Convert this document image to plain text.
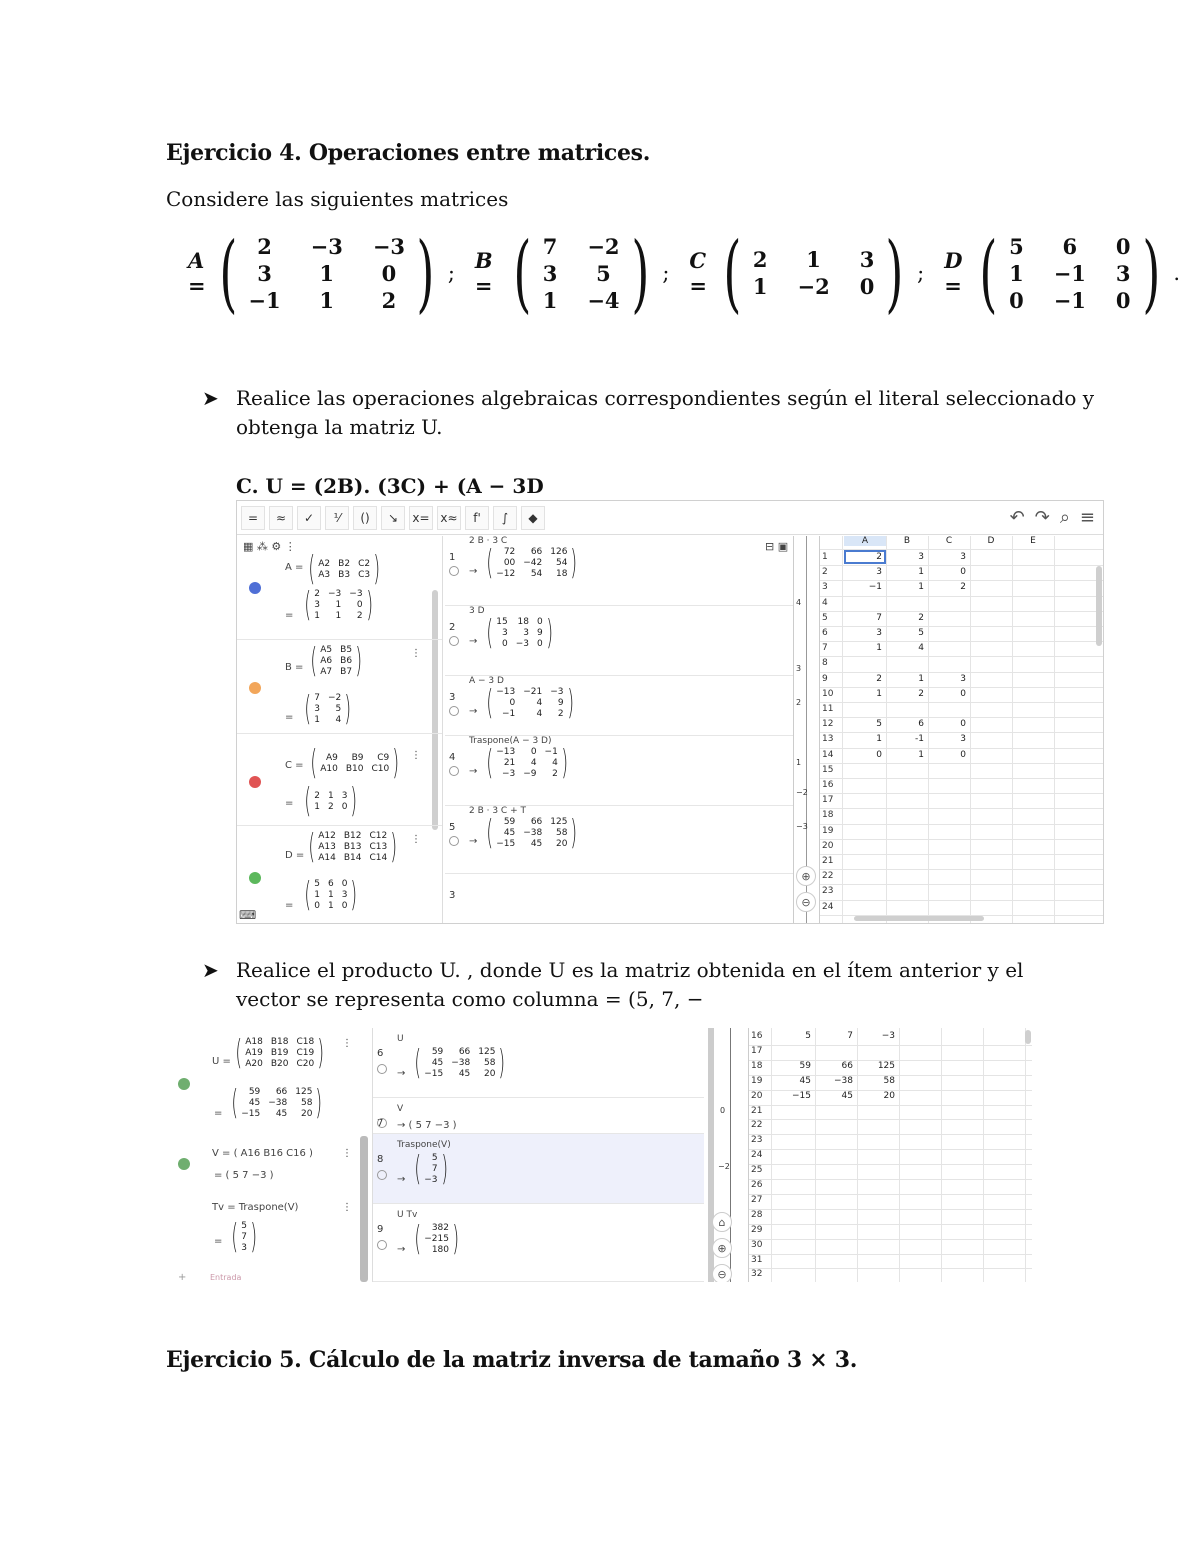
Ejercicio 4. Operaciones entre matrices.
Considere las siguientes matrices
A = ( 2	−3 −3
3	1	0
−1	1	2 ) ; B = ( 7 −2
3	5
1 −4 ) ; C = ( 2	1	3
1 −2 0 ) ; D = ( 5	6	0
1 −1 3
0 −1 0 ) .
➤ Realice las operaciones algebraicas correspondientes según el literal seleccionado y
obtenga la matriz U.
C. U = (2B). (3C) + (A − 3D
=	≈	✓	⅟	()	↘	x= x≈	f'	∫	◆	↶ ↷ ⌕ ≡
▦ ⁂ ⚙ ⋮
A = ( A2 B2 C2
A3 B3 C3 )
= ( 2 −3 −3
3	1	0
1	1	2 )
B = ( A5 B5
A6 B6
A7 B7 )
= ( 7 −2
3	5
1	4 )
⋮
C = (	A9	B9	C9
A10 B10 C10 )
= ( 2 1 3
1 2 0 )
⋮
D = ( A12 B12 C12
A13 B13 C13
A14 B14 C14 )
= ( 5 6 0
1 1 3
0 1 0 )
⋮
⌨
⊟ ▣
1
2 B · 3 C
→ (	72	66 126
00 −42	54
−12	54	18 )
2
3 D
→ ( 15 18 0
3	3 9
0 −3 0 )
3
A − 3 D
→ ( −13 −21 −3
0	4	9
−1	4	2 )
4
Traspone(A − 3 D)
→ ( −13	0 −1
21	4	4
−3 −9	2 )
5
2 B · 3 C + T
→ (	59	66 125
45 −38	58
−15	45	20 )
3
4
3
2
1
−2
−3
⊕
⊖
A	B	C	D	E
1	2	3	3
2	3	1	0
3	−1	1	2
4
5	7	2
6	3	5
7	1	4
8
9	2	1	3
10	1	2	0
11
12	5	6	0
13	1	-1	3
14	0	1	0
15
16
17
18
19
20
21
22
23
24
➤ Realice el producto U. , donde U es la matriz obtenida en el ítem anterior y el
vector se representa como columna = (5, 7, −
U = ( A18 B18 C18
A19 B19 C19
A20 B20 C20 )
= (	59	66 125
45 −38	58
−15	45	20 )
⋮
V = ( A16 B16 C16 )
= ( 5 7 −3 )
⋮
Tv = Traspone(V)
= ( 5
7
3 )
⋮
+	Entrada
6
U
→ (	59	66 125
45 −38	58
−15	45	20 )
7
V
→ ( 5 7 −3 )
8
Traspone(V)
→ (	5
7
−3 )
9
U Tv
→ (	382
−215
180 )
0
−2
⌂
⊕
⊖
16	5	7	−3
17
18	59	66	125
19	45	−38	58
20	−15	45	20
21
22
23
24
25
26
27
28
29
30
31
32
Ejercicio 5. Cálculo de la matriz inversa de tamaño 3 × 3.
